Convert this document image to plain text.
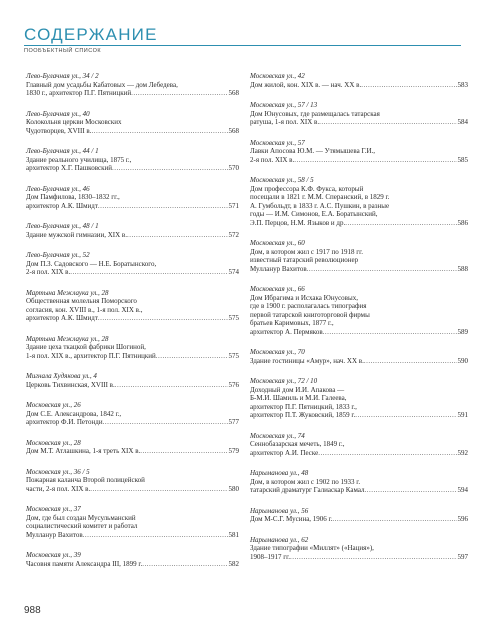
СОДЕРЖАНИЕ
ПООБЪЕКТНЫЙ СПИСОК
Лево-Булачная ул., 34 / 2
Главный дом усадьбы Кабатовых — дом Лебедева,
1830 г., архитектор П.Г. Пятницкий .....	568
Лево-Булачная ул., 40
Колокольня церкви Московских
Чудотворцев, XVIII в. .....	568
Лево-Булачная ул., 44 / 1
Здание реального училища, 1875 г.,
архитектор Х.Г. Пашковский .....	570
Лево-Булачная ул., 46
Дом Памфилова, 1830–1832 гг.,
архитектор А.К. Шмидт .....	571
Лево-Булачная ул., 48 / 1
Здание мужской гимназии, XIX в. .....	572
Лево-Булачная ул., 52
Дом П.З. Садовского — Н.Е. Боратынского,
2-я пол. XIX в. .....	574
Мартына Межлаука ул., 28
Общественная молельня Поморского
согласия, кон. XVIII в., 1-я пол. XIX в.,
архитектор А.К. Шмидт .....	575
Мартына Межлаука ул., 28
Здание цеха ткацкой фабрики Шогиной,
1-я пол. XIX в., архитектор П.Г. Пятницкий .....	575
Мигнала Худякова ул., 4
Церковь Тихвинская, XVIII в. .....	576
Московская ул., 26
Дом С.Е. Александрова, 1842 г.,
архитектор Ф.И. Петонди .....	577
Московская ул., 28
Дом М.Т. Атлашкина, 1-я треть XIX в. .....	579
Московская ул., 36 / 5
Пожарная каланча Второй полицейской
части, 2-я пол. XIX в. .....	580
Московская ул., 37
Дом, где был создан Мусульманский
социалистический комитет и работал
Муллануp Вахитов .....	581
Московская ул., 39
Часовня памяти Александра III, 1899 г. .....	582
Московская ул., 42
Дом жилой, кон. XIX в. — нач. XX в. .....	583
Московская ул., 57 / 13
Дом Юнусовых, где размещалась татарская
ратуша, 1-я пол. XIX в. .....	584
Московская ул., 57
Лавки Апосова Ю.М. — Утямышева Г.И.,
2-я пол. XIX в. .....	585
Московская ул., 58 / 5
Дом профессора К.Ф. Фукса, который
посещали в 1821 г. М.М. Сперанский, в 1829 г.
А. Гумбольдт, в 1833 г. А.С. Пушкин, в разные
годы — И.М. Симонов, Е.А. Боратынский,
Э.П. Перцов, Н.М. Языков и др. .....	586
Московская ул., 60
Дом, в котором жил с 1917 по 1918 гг.
известный татарский революционер
Мулланур Вахитов .....	588
Московская ул., 66
Дом Ибрагима и Исхака Юнусовых,
где в 1900 г. располагалась типография
первой татарской книготорговой фирмы
братьев Каримовых, 1877 г.,
архитектор А. Пермяков .....	589
Московская ул., 70
Здание гостиницы «Амур», нач. XX в. .....	590
Московская ул., 72 / 10
Доходный дом И.И. Апакова —
Б-М.И. Шамиль и М.И. Галеева,
архитектор П.Г. Пятницкий, 1833 г.,
архитектор П.Т. Жуковский, 1859 г. .....	591
Московская ул., 74
Сеннобазарская мечеть, 1849 г.,
архитектор А.И. Песке .....	592
Нарыманова ул., 48
Дом, в котором жил с 1902 по 1933 г.
татарский драматург Галиаскар Камал .....	594
Нарыманова ул., 56
Дом М-С.Г. Мусина, 1906 г. .....	596
Нарыманова ул., 62
Здание типографии «Миллят» («Нация»),
1908–1917 гг. .....	597
988
